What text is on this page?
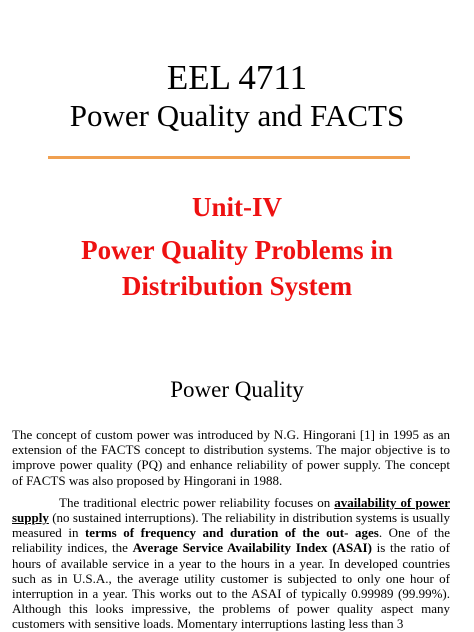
EEL 4711
Power Quality and FACTS
Unit-IV
Power Quality Problems in Distribution System
Power Quality

The concept of custom power was introduced by N.G. Hingorani [1] in 1995 as an extension of the FACTS concept to distribution systems. The major objective is to improve power quality (PQ) and enhance reliability of power supply. The concept of FACTS was also proposed by Hingorani in 1988.

The traditional electric power reliability focuses on availability of power supply (no sustained interruptions). The reliability in distribution systems is usually measured in terms of frequency and duration of the out- ages. One of the reliability indices, the Average Service Availability Index (ASAI) is the ratio of hours of available service in a year to the hours in a year. In developed countries such as in U.S.A., the average utility customer is subjected to only one hour of interruption in a year. This works out to the ASAI of typically 0.99989 (99.99%). Although this looks impressive, the problems of power quality aspect many customers with sensitive loads. Momentary interruptions lasting less than 3
